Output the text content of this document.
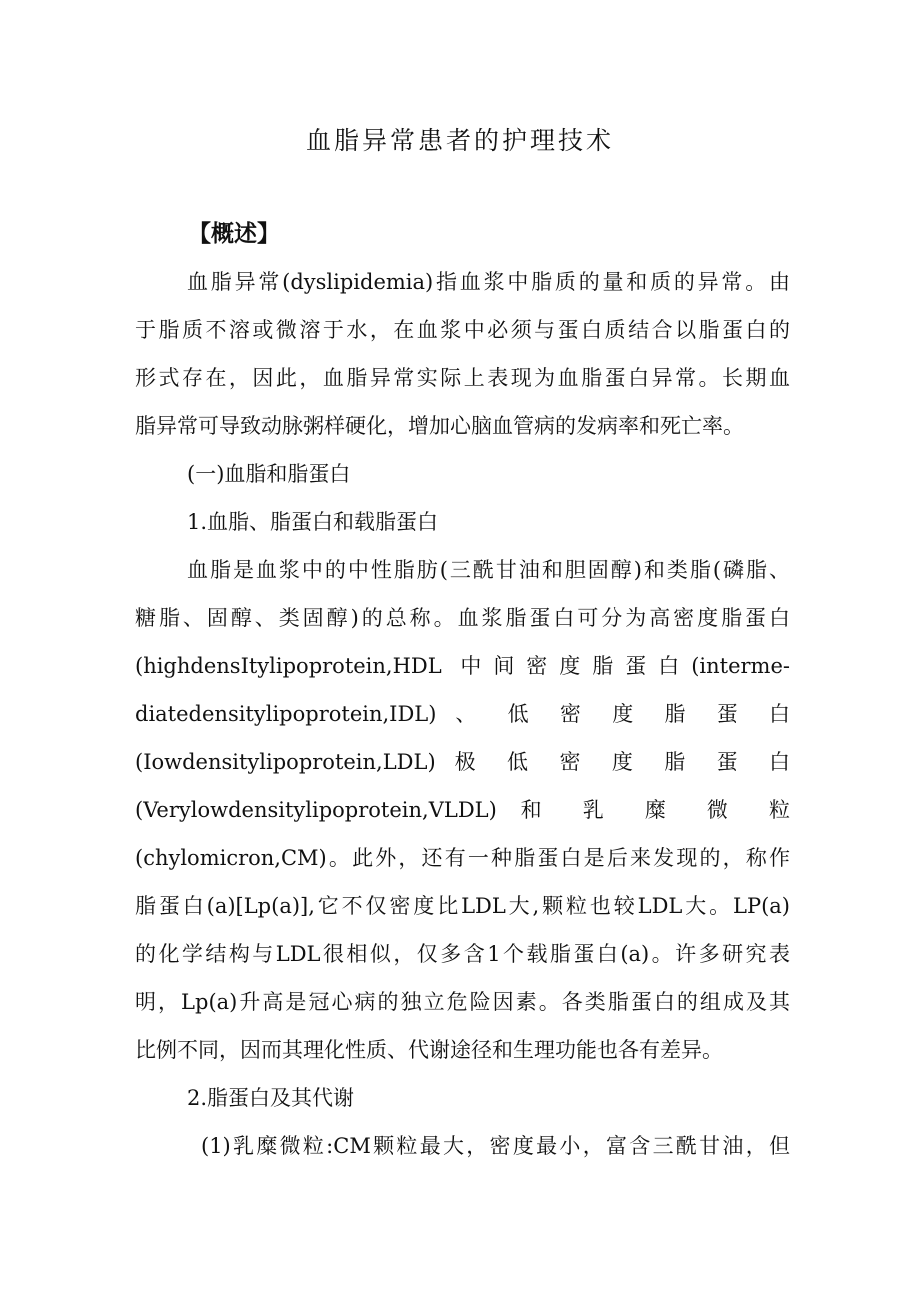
血脂异常患者的护理技术
【概述】

血脂异常(dyslipidemia)指血浆中脂质的量和质的异常。由

于脂质不溶或微溶于水，在血浆中必须与蛋白质结合以脂蛋白的

形式存在，因此，血脂异常实际上表现为血脂蛋白异常。长期血

脂异常可导致动脉粥样硬化，增加心脑血管病的发病率和死亡率。

(一)血脂和脂蛋白

1.血脂、脂蛋白和载脂蛋白

血脂是血浆中的中性脂肪(三酰甘油和胆固醇)和类脂(磷脂、

糖脂、固醇、类固醇)的总称。血浆脂蛋白可分为高密度脂蛋白

(highdensItylipoprotein,HDL 中间密度脂蛋白(interme-

diatedensitylipoprotein,IDL) 、 低 密 度 脂 蛋 白

(Iowdensitylipoprotein,LDL) 极 低 密 度 脂 蛋 白

(Verylowdensitylipoprotein,VLDL) 和 乳 糜 微 粒

(chylomicron,CM)。此外，还有一种脂蛋白是后来发现的，称作

脂蛋白(a)[Lp(a)],它不仅密度比LDL大,颗粒也较LDL大。LP(a)

的化学结构与LDL很相似，仅多含1个载脂蛋白(a)。许多研究表

明，Lp(a)升高是冠心病的独立危险因素。各类脂蛋白的组成及其

比例不同，因而其理化性质、代谢途径和生理功能也各有差异。

2.脂蛋白及其代谢

(1)乳糜微粒:CM颗粒最大，密度最小，富含三酰甘油，但
